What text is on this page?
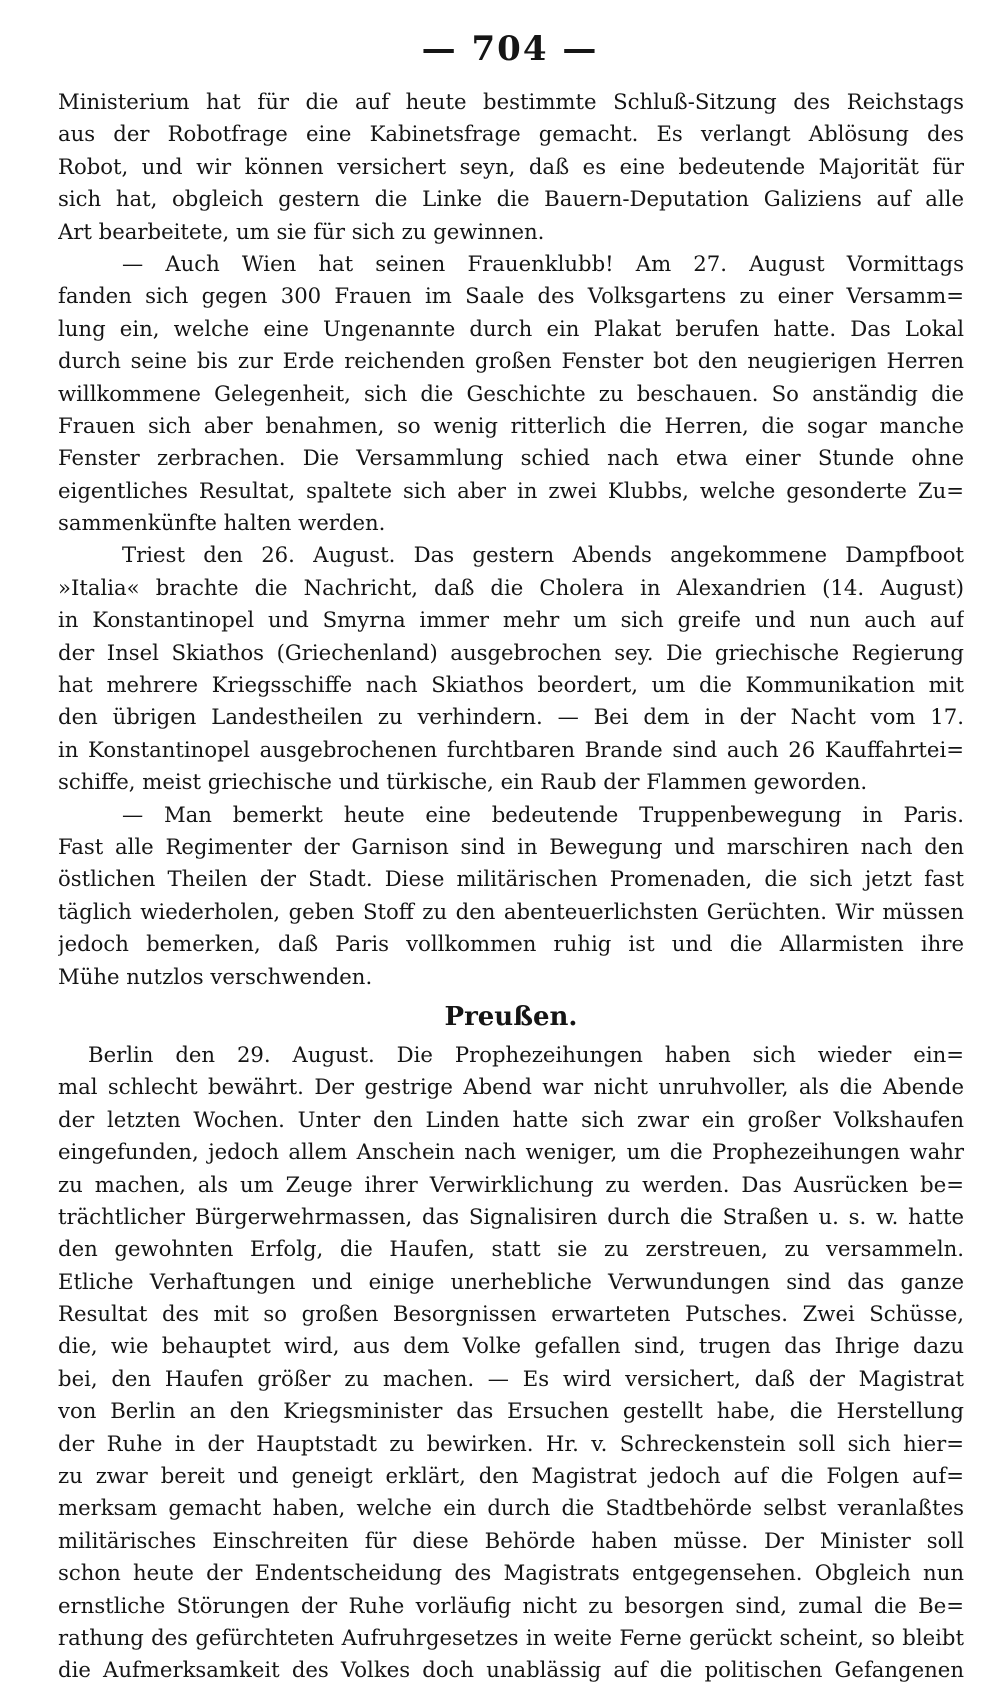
— 704 —
Ministerium hat für die auf heute bestimmte Schluß-Sitzung des Reichstags
aus der Robotfrage eine Kabinetsfrage gemacht. Es verlangt Ablösung des
Robot, und wir können versichert seyn, daß es eine bedeutende Majorität für
sich hat, obgleich gestern die Linke die Bauern-Deputation Galiziens auf alle
Art bearbeitete, um sie für sich zu gewinnen.
— Auch Wien hat seinen Frauenklubb! Am 27. August Vormittags
fanden sich gegen 300 Frauen im Saale des Volksgartens zu einer Versamm=
lung ein, welche eine Ungenannte durch ein Plakat berufen hatte. Das Lokal
durch seine bis zur Erde reichenden großen Fenster bot den neugierigen Herren
willkommene Gelegenheit, sich die Geschichte zu beschauen. So anständig die
Frauen sich aber benahmen, so wenig ritterlich die Herren, die sogar manche
Fenster zerbrachen. Die Versammlung schied nach etwa einer Stunde ohne
eigentliches Resultat, spaltete sich aber in zwei Klubbs, welche gesonderte Zu=
sammenkünfte halten werden.
Triest den 26. August. Das gestern Abends angekommene Dampfboot
»Italia« brachte die Nachricht, daß die Cholera in Alexandrien (14. August)
in Konstantinopel und Smyrna immer mehr um sich greife und nun auch auf
der Insel Skiathos (Griechenland) ausgebrochen sey. Die griechische Regierung
hat mehrere Kriegsschiffe nach Skiathos beordert, um die Kommunikation mit
den übrigen Landestheilen zu verhindern. — Bei dem in der Nacht vom 17.
in Konstantinopel ausgebrochenen furchtbaren Brande sind auch 26 Kauffahrtei=
schiffe, meist griechische und türkische, ein Raub der Flammen geworden.
— Man bemerkt heute eine bedeutende Truppenbewegung in Paris.
Fast alle Regimenter der Garnison sind in Bewegung und marschiren nach den
östlichen Theilen der Stadt. Diese militärischen Promenaden, die sich jetzt fast
täglich wiederholen, geben Stoff zu den abenteuerlichsten Gerüchten. Wir müssen
jedoch bemerken, daß Paris vollkommen ruhig ist und die Allarmisten ihre
Mühe nutzlos verschwenden.
Preußen.
Berlin den 29. August. Die Prophezeihungen haben sich wieder ein=
mal schlecht bewährt. Der gestrige Abend war nicht unruhvoller, als die Abende
der letzten Wochen. Unter den Linden hatte sich zwar ein großer Volkshaufen
eingefunden, jedoch allem Anschein nach weniger, um die Prophezeihungen wahr
zu machen, als um Zeuge ihrer Verwirklichung zu werden. Das Ausrücken be=
trächtlicher Bürgerwehrmassen, das Signalisiren durch die Straßen u. s. w. hatte
den gewohnten Erfolg, die Haufen, statt sie zu zerstreuen, zu versammeln.
Etliche Verhaftungen und einige unerhebliche Verwundungen sind das ganze
Resultat des mit so großen Besorgnissen erwarteten Putsches. Zwei Schüsse,
die, wie behauptet wird, aus dem Volke gefallen sind, trugen das Ihrige dazu
bei, den Haufen größer zu machen. — Es wird versichert, daß der Magistrat
von Berlin an den Kriegsminister das Ersuchen gestellt habe, die Herstellung
der Ruhe in der Hauptstadt zu bewirken. Hr. v. Schreckenstein soll sich hier=
zu zwar bereit und geneigt erklärt, den Magistrat jedoch auf die Folgen auf=
merksam gemacht haben, welche ein durch die Stadtbehörde selbst veranlaßtes
militärisches Einschreiten für diese Behörde haben müsse. Der Minister soll
schon heute der Endentscheidung des Magistrats entgegensehen. Obgleich nun
ernstliche Störungen der Ruhe vorläufig nicht zu besorgen sind, zumal die Be=
rathung des gefürchteten Aufruhrgesetzes in weite Ferne gerückt scheint, so bleibt
die Aufmerksamkeit des Volkes doch unablässig auf die politischen Gefangenen
